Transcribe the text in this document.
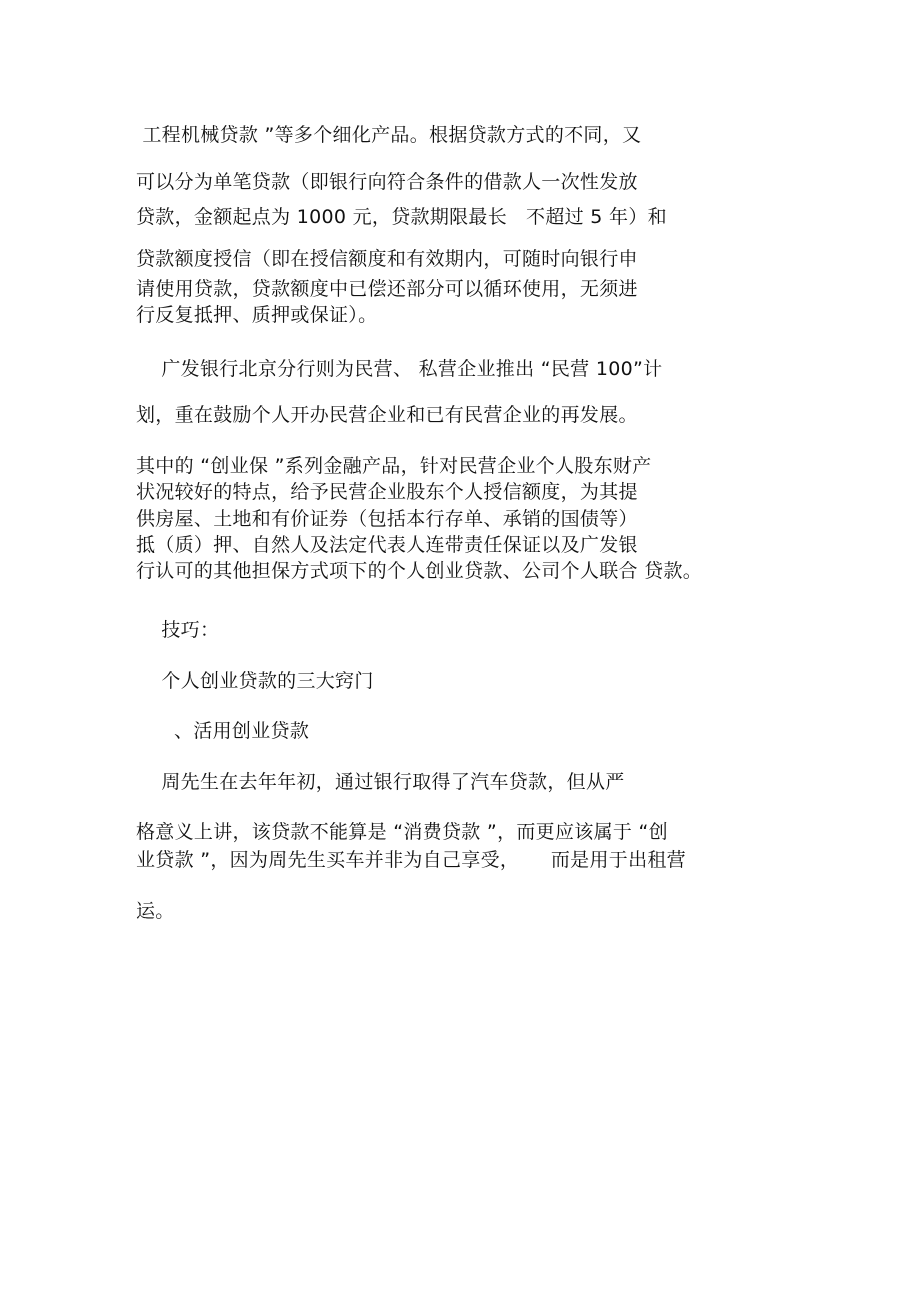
工程机械贷款 ”等多个细化产品。根据贷款方式的不同，又
可以分为单笔贷款（即银行向符合条件的借款人一次性发放
贷款，金额起点为 1000 元，贷款期限最长   不超过 5 年）和
贷款额度授信（即在授信额度和有效期内，可随时向银行申
请使用贷款，贷款额度中已偿还部分可以循环使用，无须进
行反复抵押、质押或保证）。
广发银行北京分行则为民营、 私营企业推出 “民营 100”计
划，重在鼓励个人开办民营企业和已有民营企业的再发展。
其中的 “创业保 ”系列金融产品，针对民营企业个人股东财产
状况较好的特点，给予民营企业股东个人授信额度，为其提
供房屋、土地和有价证券（包括本行存单、承销的国债等）
抵（质）押、自然人及法定代表人连带责任保证以及广发银
行认可的其他担保方式项下的个人创业贷款、公司个人联合 贷款。
技巧：
个人创业贷款的三大窍门
、活用创业贷款
周先生在去年年初，通过银行取得了汽车贷款，但从严
格意义上讲，该贷款不能算是 “消费贷款 ”，而更应该属于 “创
业贷款 ”，因为周先生买车并非为自己享受，     而是用于出租营
运。
